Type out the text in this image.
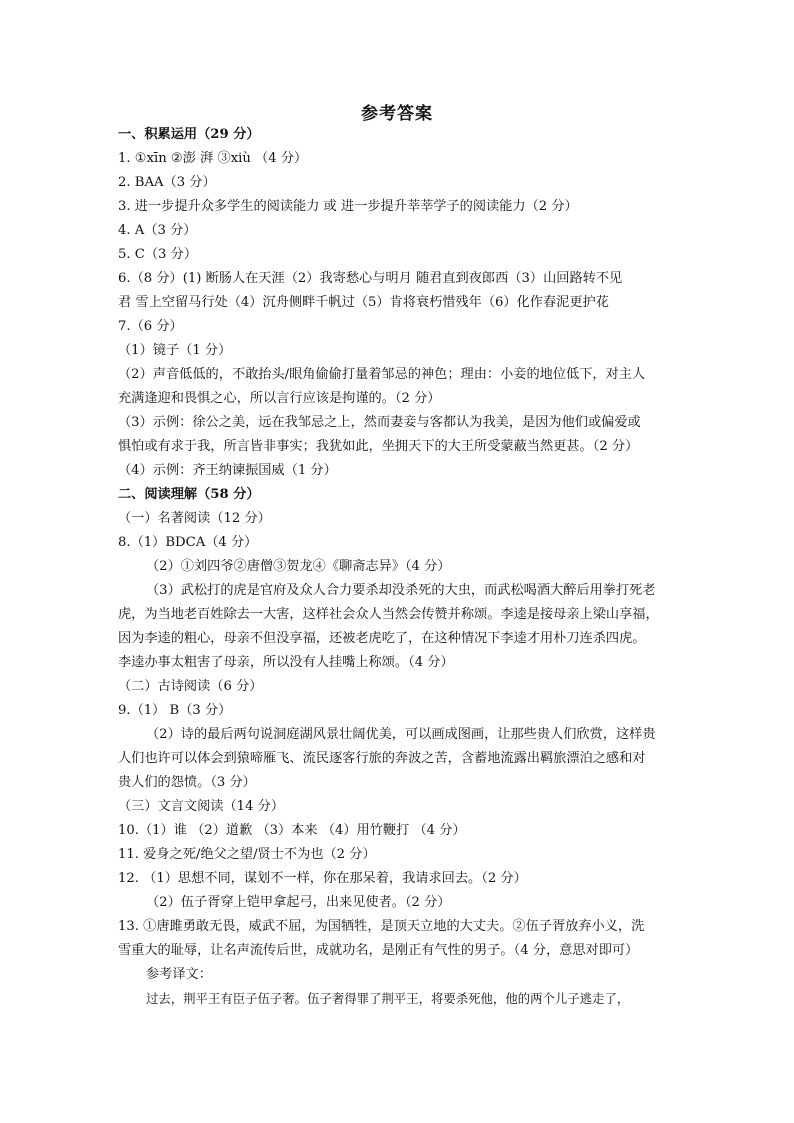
参考答案
一、积累运用（29 分）
1. ①xīn ②澎 湃 ③xiù （4 分）
2. BAA（3 分）
3. 进一步提升众多学生的阅读能力 或 进一步提升莘莘学子的阅读能力（2 分）
4. A（3 分）
5. C（3 分）
6.（8 分）(1) 断肠人在天涯（2）我寄愁心与明月 随君直到夜郎西（3）山回路转不见
君 雪上空留马行处（4）沉舟侧畔千帆过（5）肯将衰朽惜残年（6）化作春泥更护花
7.（6 分）
（1）镜子（1 分）
（2）声音低低的，不敢抬头/眼角偷偷打量着邹忌的神色；理由：小妾的地位低下，对主人
充满逢迎和畏惧之心，所以言行应该是拘谨的。（2 分）
（3）示例：徐公之美，远在我邹忌之上，然而妻妾与客都认为我美，是因为他们或偏爱或
惧怕或有求于我，所言皆非事实；我犹如此，坐拥天下的大王所受蒙蔽当然更甚。（2 分）
（4）示例：齐王纳谏振国威（1 分）
二、阅读理解（58 分）
（一）名著阅读（12 分）
8.（1）BDCA（4 分）
（2）①刘四爷②唐僧③贺龙④《聊斋志异》（4 分）
（3）武松打的虎是官府及众人合力要杀却没杀死的大虫，而武松喝酒大醉后用拳打死老
虎，为当地老百姓除去一大害，这样社会众人当然会传赞并称颂。李逵是接母亲上梁山享福，
因为李逵的粗心，母亲不但没享福，还被老虎吃了，在这种情况下李逵才用朴刀连杀四虎。
李逵办事太粗害了母亲，所以没有人挂嘴上称颂。（4 分）
（二）古诗阅读（6 分）
9.（1） B（3 分）
（2）诗的最后两句说洞庭湖风景壮阔优美，可以画成图画，让那些贵人们欣赏，这样贵
人们也许可以体会到猿啼雁飞、流民逐客行旅的奔波之苦，含蓄地流露出羁旅漂泊之感和对
贵人们的怨愤。（3 分）
（三）文言文阅读（14 分）
10.（1）谁 （2）道歉 （3）本来 （4）用竹鞭打 （4 分）
11. 爱身之死/绝父之望/贤士不为也（2 分）
12. （1）思想不同，谋划不一样，你在那呆着，我请求回去。（2 分）
（2）伍子胥穿上铠甲拿起弓，出来见使者。（2 分）
13. ①唐雎勇敢无畏，威武不屈，为国牺牲，是顶天立地的大丈夫。②伍子胥放弃小义，洗
雪重大的耻辱，让名声流传后世，成就功名，是刚正有气性的男子。（4 分，意思对即可）
参考译文：
过去，荆平王有臣子伍子奢。伍子奢得罪了荆平王，将要杀死他，他的两个儿子逃走了，
